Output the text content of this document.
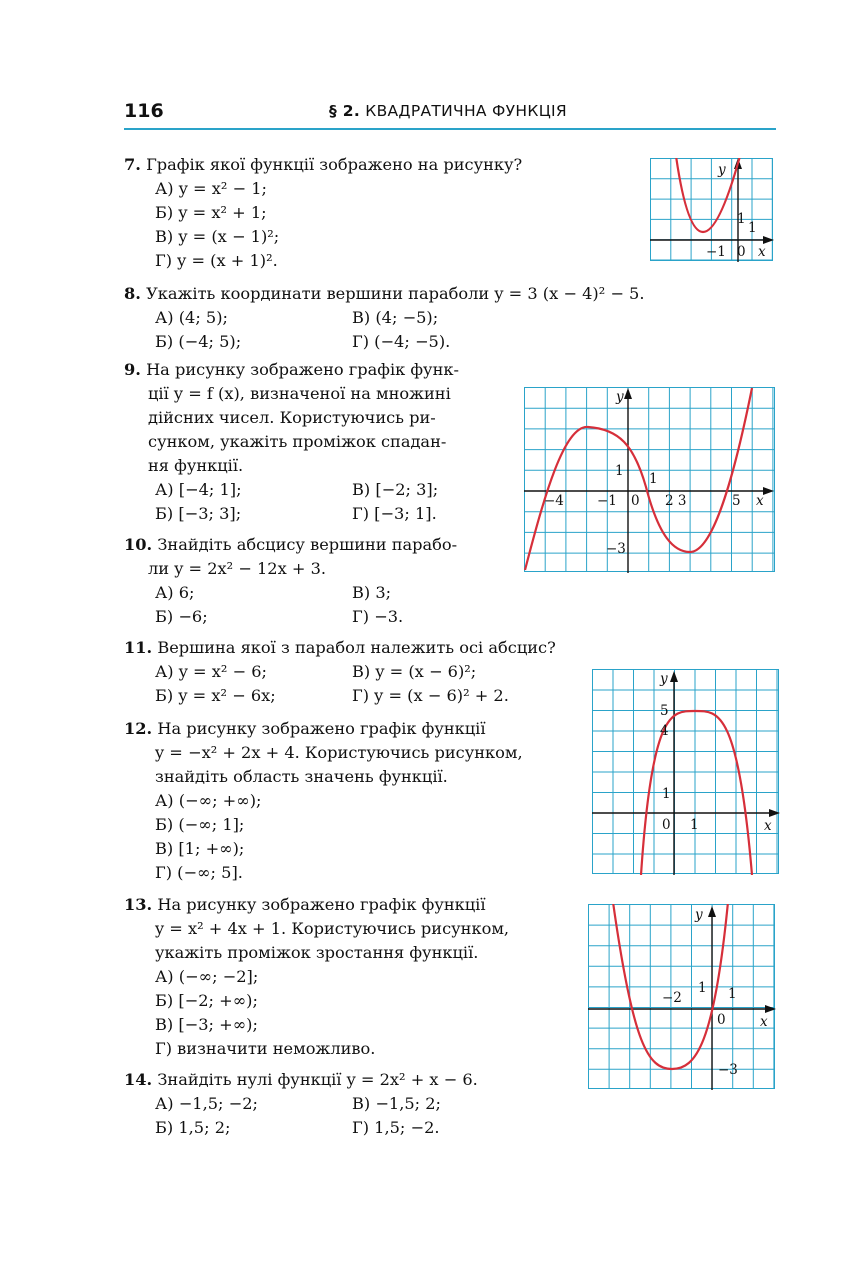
116	§ 2. КВАДРАТИЧНА ФУНКЦІЯ
7. Графік якої функції зображено на рисунку?
А) y = x² − 1;
Б) y = x² + 1;
В) y = (x − 1)²;
Г) y = (x + 1)².
8. Укажіть координати вершини параболи y = 3 (x − 4)² − 5.
А) (4; 5);	В) (4; −5);
Б) (−4; 5);	Г) (−4; −5).
9. На рисунку зображено графік функ-
ції y = f (x), визначеної на множині
дійсних чисел. Користуючись ри-
сунком, укажіть проміжок спадан-
ня функції.
А) [−4; 1];	В) [−2; 3];
Б) [−3; 3];	Г) [−3; 1].
10. Знайдіть абсцису вершини парабо-
ли y = 2x² − 12x + 3.
А) 6;	В) 3;
Б) −6;	Г) −3.
11. Вершина якої з парабол належить осі абсцис?
А) y = x² − 6;	В) y = (x − 6)²;
Б) y = x² − 6x;	Г) y = (x − 6)² + 2.
12. На рисунку зображено графік функції
y = −x² + 2x + 4. Користуючись рисунком,
знайдіть область значень функції.
А) (−∞; +∞);
Б) (−∞; 1];
В) [1; +∞);
Г) (−∞; 5].
13. На рисунку зображено графік функції
y = x² + 4x + 1. Користуючись рисунком,
укажіть проміжок зростання функції.
А) (−∞; −2];
Б) [−2; +∞);
В) [−3; +∞);
Г) визначити неможливо.
14. Знайдіть нулі функції y = 2x² + x − 6.
А) −1,5; −2;	В) −1,5; 2;
Б) 1,5; 2;	Г) 1,5; −2.
y
x
1
1
−1 0
y
x
−4 −1 0 2 3	5
1
1
−3
y
x
5
4
1
0 1
y
x
−2
1 1
0
−3
